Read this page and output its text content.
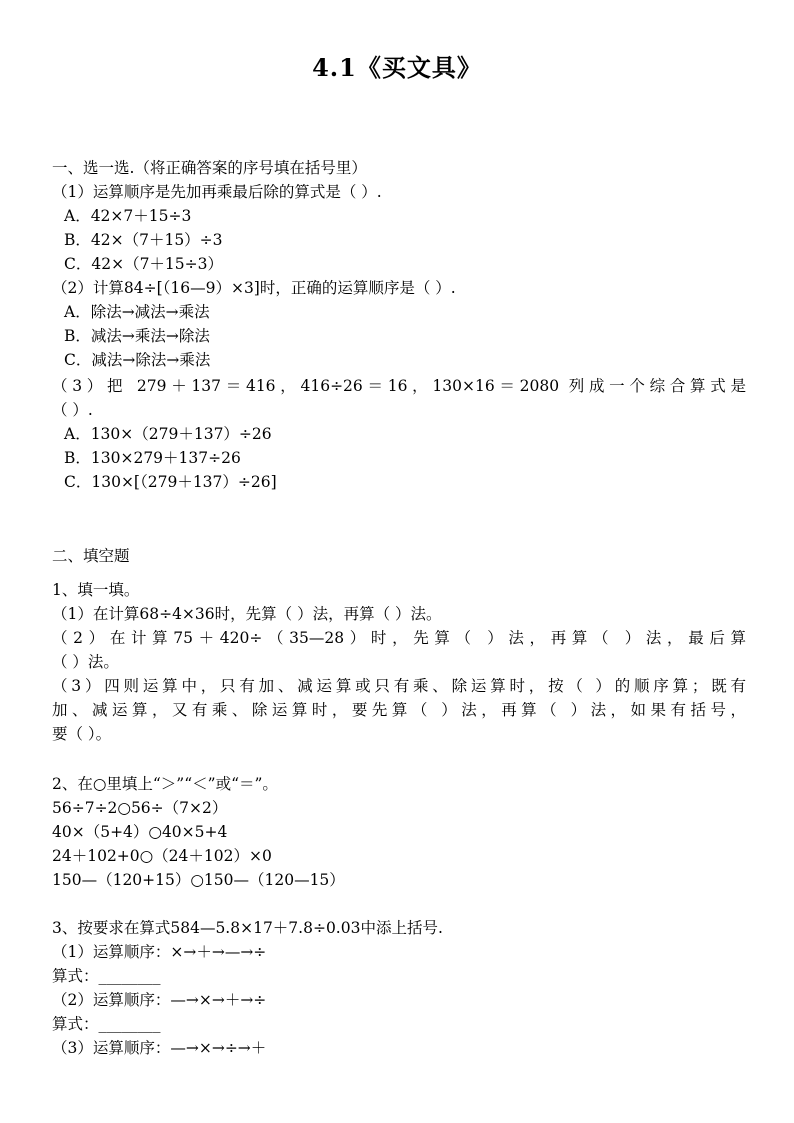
4.1《买文具》
一、选一选.（将正确答案的序号填在括号里）
（1）运算顺序是先加再乘最后除的算式是（ ）.
A．42×7＋15÷3
B．42×（7＋15）÷3
C．42×（7＋15÷3）
（2）计算84÷[（16—9）×3]时，正确的运算顺序是（ ）.
A．除法→减法→乘法
B．减法→乘法→除法
C．减法→除法→乘法
（3）把 279＋137＝416，416÷26＝16，130×16＝2080 列成一个综合算式是
（ ）.
A．130×（279＋137）÷26
B．130×279＋137÷26
C．130×[（279＋137）÷26]
二、填空题
1、填一填。
（1）在计算68÷4×36时，先算（ ）法，再算（ ）法。
（2）在计算75＋420÷（35—28）时，先算（ ）法，再算（ ）法，最后算
（ ）法。
（3）四则运算中，只有加、减运算或只有乘、除运算时，按（ ）的顺序算；既有
加、减运算，又有乘、除运算时，要先算（ ）法，再算（ ）法，如果有括号，
要（ ）。
2、在○里填上“＞”“＜”或“＝”。
56÷7÷2○56÷（7×2）
40×（5+4）○40×5+4
24＋102+0○（24＋102）×0
150—（120+15）○150—（120—15）
3、按要求在算式584—5.8×17＋7.8÷0.03中添上括号.
（1）运算顺序：×→＋→—→÷
算式：________
（2）运算顺序：—→×→＋→÷
算式：________
（3）运算顺序：—→×→÷→＋
